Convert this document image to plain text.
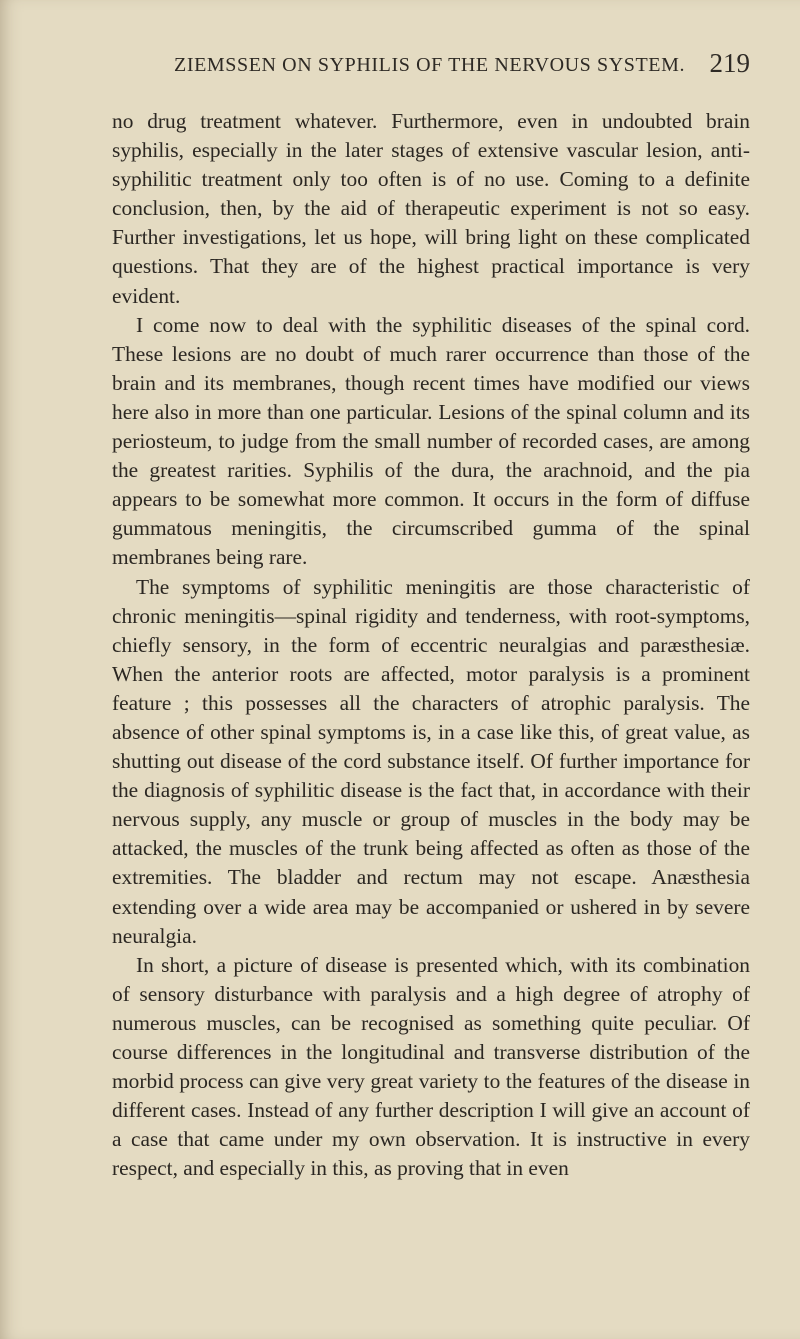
ZIEMSSEN ON SYPHILIS OF THE NERVOUS SYSTEM. 219

no drug treatment whatever. Furthermore, even in undoubted brain syphilis, especially in the later stages of extensive vascular lesion, anti-syphilitic treatment only too often is of no use. Coming to a definite conclusion, then, by the aid of therapeutic experiment is not so easy. Further investigations, let us hope, will bring light on these complicated questions. That they are of the highest practical importance is very evident.

I come now to deal with the syphilitic diseases of the spinal cord. These lesions are no doubt of much rarer occurrence than those of the brain and its membranes, though recent times have modified our views here also in more than one particular. Lesions of the spinal column and its periosteum, to judge from the small number of recorded cases, are among the greatest rarities. Syphilis of the dura, the arachnoid, and the pia appears to be somewhat more common. It occurs in the form of diffuse gummatous meningitis, the circumscribed gumma of the spinal membranes being rare.

The symptoms of syphilitic meningitis are those characteristic of chronic meningitis—spinal rigidity and tenderness, with root-symptoms, chiefly sensory, in the form of eccentric neuralgias and paræsthesiæ. When the anterior roots are affected, motor paralysis is a prominent feature ; this possesses all the characters of atrophic paralysis. The absence of other spinal symptoms is, in a case like this, of great value, as shutting out disease of the cord substance itself. Of further importance for the diagnosis of syphilitic disease is the fact that, in accordance with their nervous supply, any muscle or group of muscles in the body may be attacked, the muscles of the trunk being affected as often as those of the extremities. The bladder and rectum may not escape. Anæsthesia extending over a wide area may be accompanied or ushered in by severe neuralgia.

In short, a picture of disease is presented which, with its combination of sensory disturbance with paralysis and a high degree of atrophy of numerous muscles, can be recognised as something quite peculiar. Of course differences in the longitudinal and transverse distribution of the morbid process can give very great variety to the features of the disease in different cases. Instead of any further description I will give an account of a case that came under my own observation. It is instructive in every respect, and especially in this, as proving that in even
